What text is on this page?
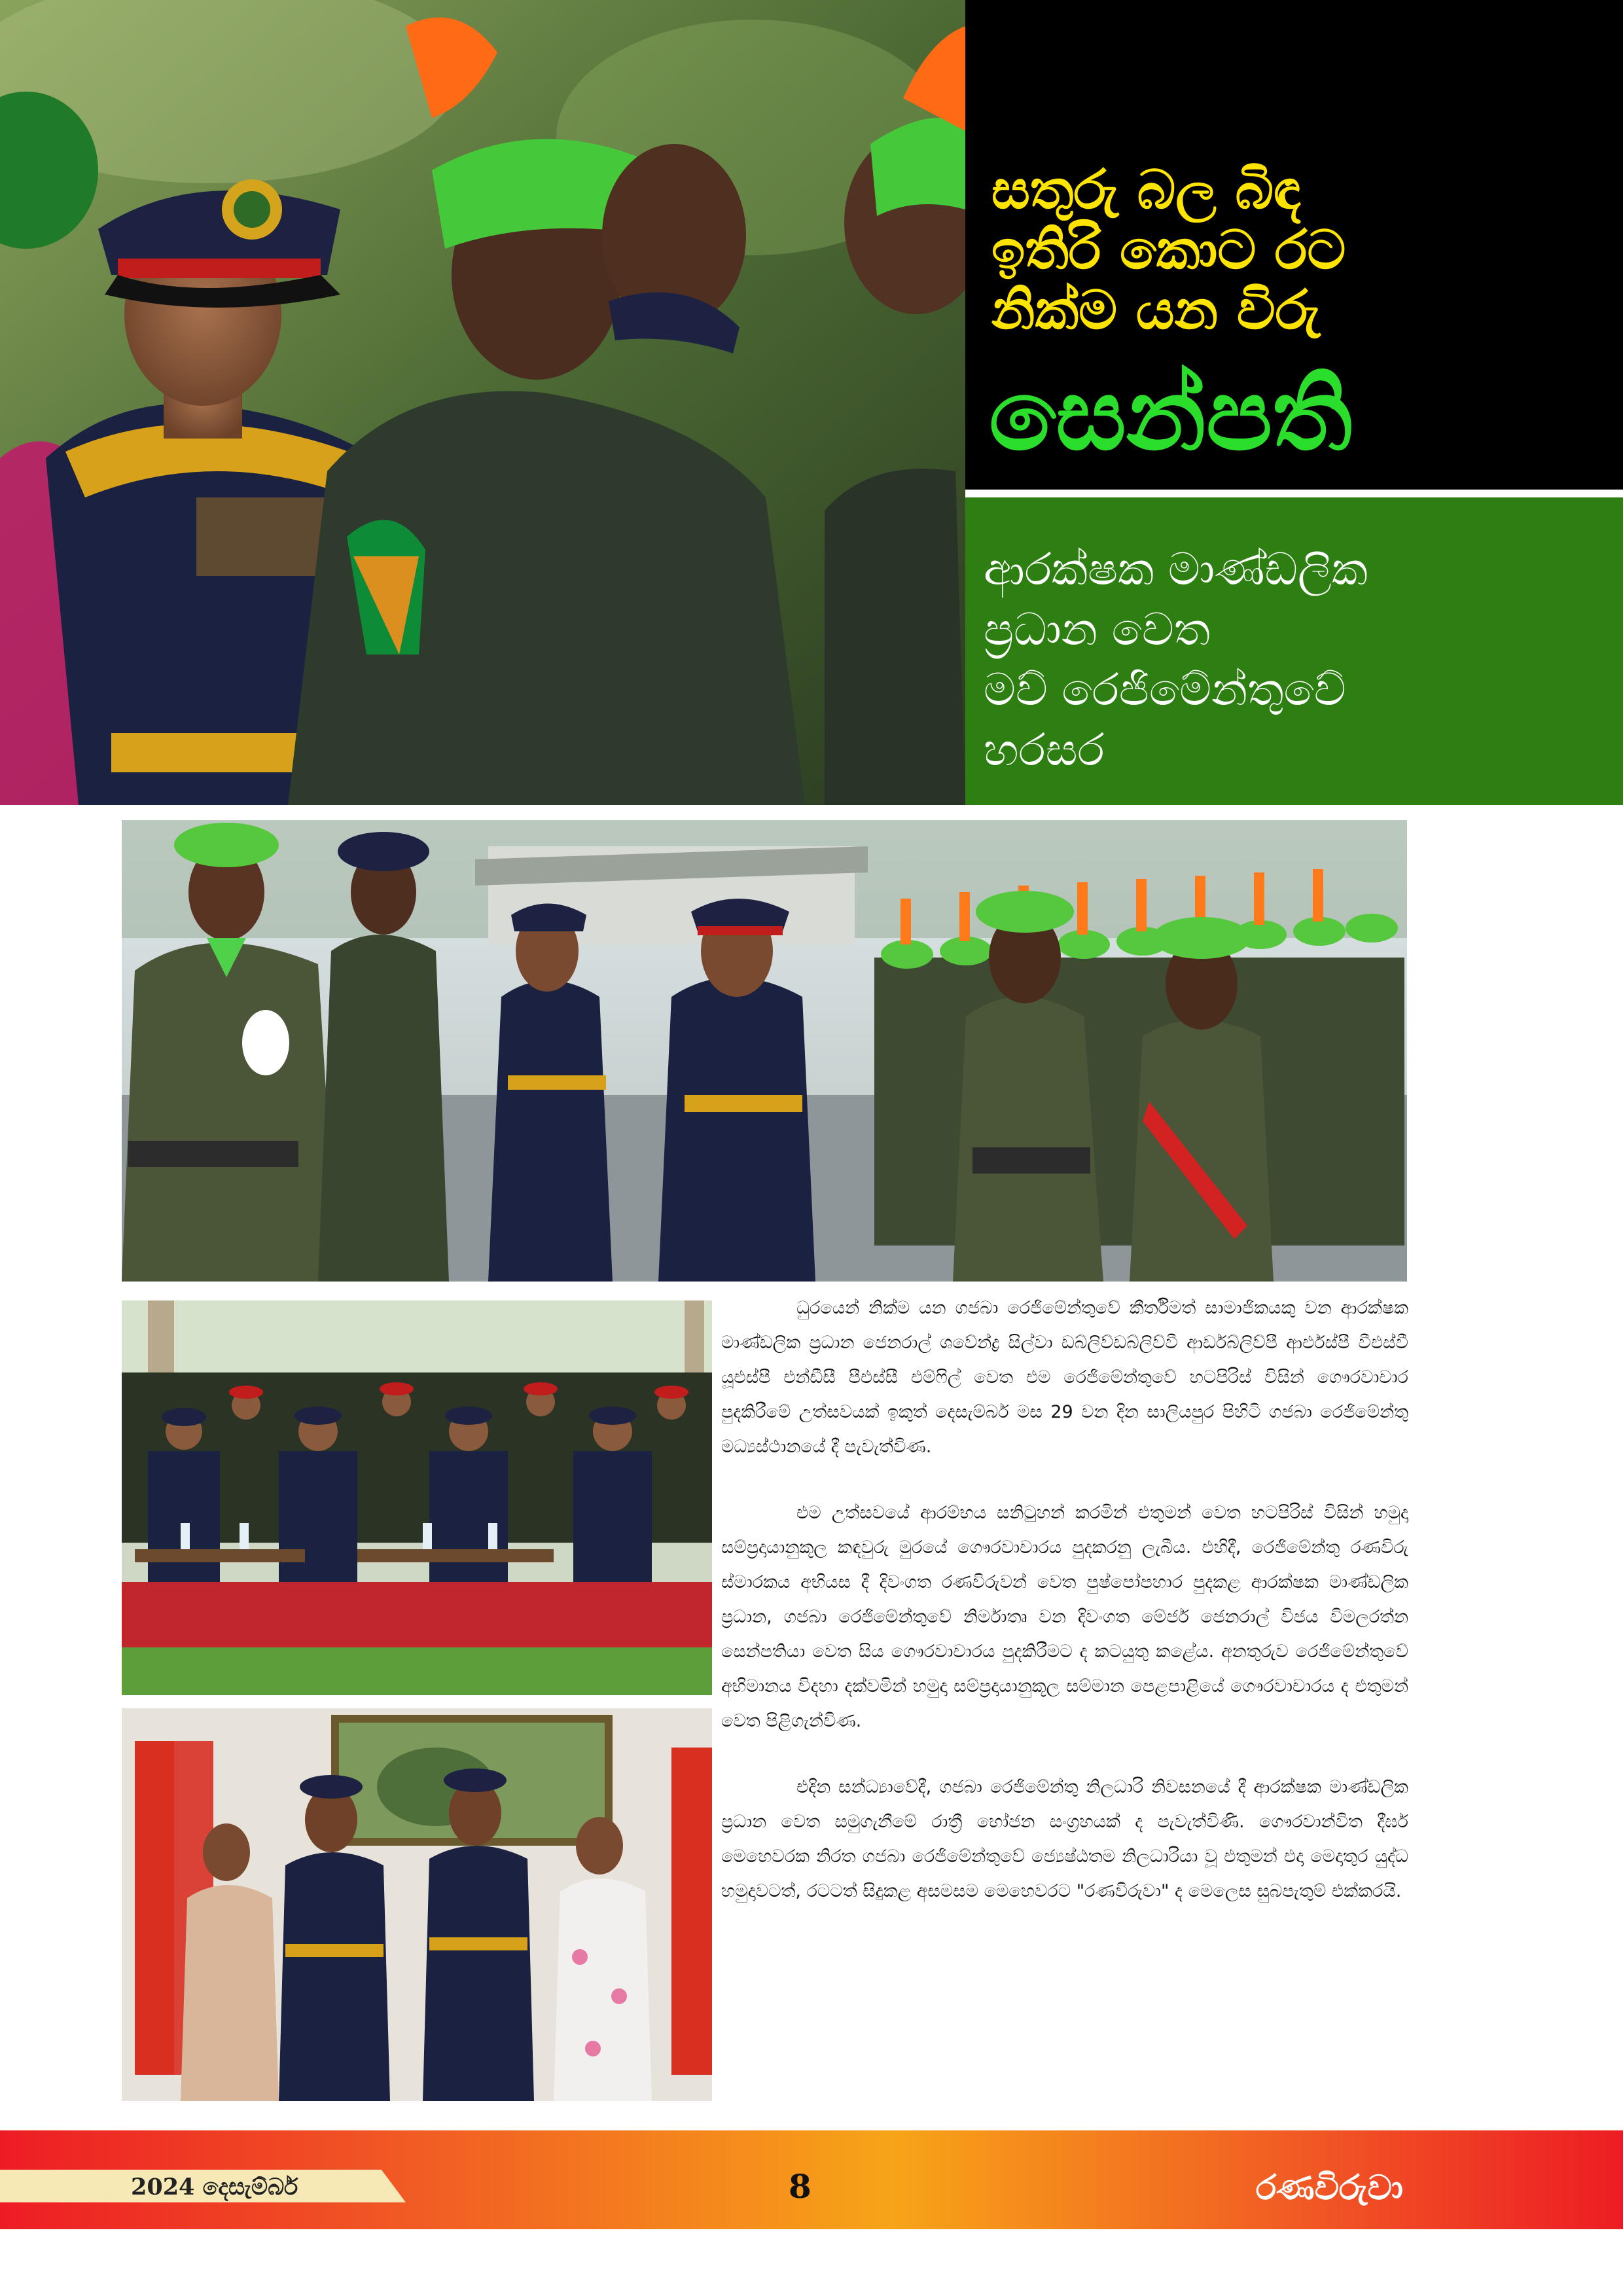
සතුරු බල බිඳ
ඉතිරි කොට රට
නික්ම යන විරු
සෙන්පති
ආරක්ෂක මාණ්ඩලික
ප්‍රධාන වෙත
මව් රෙජිමේන්තුවේ
හරසර

ධුරයෙන් නික්ම යන ගජබා රෙජිමේන්තුවේ කීර්තිමත් සාමාජිකයකු වන ආරක්ෂක මාණ්ඩලික ප්‍රධාන ජෙනරාල් ශවේන්ද්‍ර සිල්වා ඩබ්ලිව්ඩබ්ලිව්වී ආර්ඩබ්ලිව්පී ආර්එස්පී වීඑස්වී යූඑස්පී එන්ඩීසී පීඑස්සී එම්ෆිල් වෙත එම රෙජිමේන්තුවේ හටපිරිස් විසින් ගෞරවාචාර පුදකිරීමේ උත්සවයක් ඉකුත් දෙසැම්බර් මස 29 වන දින සාලියපුර පිහිටි ගජබා රෙජිමේන්තු මධ්‍යස්ථානයේ දී පැවැත්විණ.

එම උත්සවයේ ආරම්භය සනිටුහන් කරමින් එතුමන් වෙත හටපිරිස් විසින් හමුදා සම්ප්‍රදායානුකූල කඳවුරු මුරයේ ගෞරවාචාරය පුදකරනු ලැබීය. එහිදී, රෙජිමේන්තු රණවිරු ස්මාරකය අභියස දී දිවංගත රණවිරුවන් වෙත පුෂ්පෝපහාර පුදකළ ආරක්ෂක මාණ්ඩලික ප්‍රධාන, ගජබා රෙජිමේන්තුවේ නිර්මාතෘ වන දිවංගත මේජර් ජෙනරාල් විජය විමලරත්න සෙන්පතියා වෙත සිය ගෞරවාචාරය පුදකිරීමට ද කටයුතු කළේය. අනතුරුව රෙජිමේන්තුවේ අභිමානය විදහා දක්වමින් හමුදා සම්ප්‍රදායානුකූල සම්මාන පෙළපාළියේ ගෞරවාචාරය ද එතුමන් වෙත පිළිගැන්විණ.

එදින සන්ධ්‍යාවේදී, ගජබා රෙජිමේන්තු නිලධාරි නිවසනයේ දී ආරක්ෂක මාණ්ඩලික ප්‍රධාන වෙත සමුගැනීමේ රාත්‍රී භෝජන සංග්‍රහයක් ද පැවැත්විණි. ගෞරවාන්විත දීර්ඝ මෙහෙවරක නිරත ගජබා රෙජිමේන්තුවේ ජ්‍යෙෂ්ඨතම නිලධාරියා වූ එතුමන් එදා මෙදාතුර යුද්ධ හමුදාවටත්, රටටත් සිදුකළ අසමසම මෙහෙවරට "රණවිරුවා" ද මෙලෙස සුබපැතුම් එක්කරයි.

2024 දෙසැම්බර්	8	රණවිරුවා
